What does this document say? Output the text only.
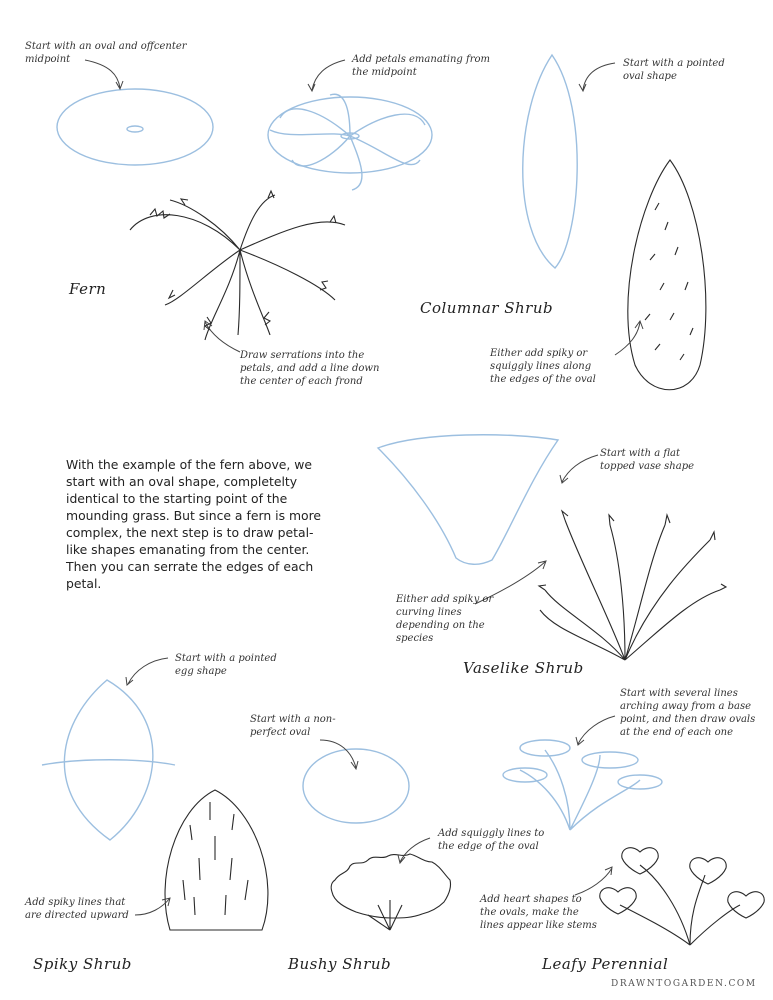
Start with an oval and offcenter midpoint	Add petals emanating from the midpoint
Start with a pointed oval shape
Draw serrations into the petals, and add a line down the center of each frond
Either add spiky or squiggly lines along the edges of the oval
Start with a flat topped vase shape
Either add spiky or curving lines depending on the species
Start with a pointed egg shape
Start with a non-perfect oval
Start with several lines arching away from a base point, and then draw ovals at the end of each one
Add squiggly lines to the edge of the oval
Add spiky lines that are directed upward
Add heart shapes to the ovals, make the lines appear like stems
Fern
Columnar Shrub
Vaselike Shrub
Spiky Shrub	Bushy Shrub	Leafy Perennial
With the example of the fern above, we start with an oval shape, completelty identical to the starting point of the mounding grass. But since a fern is more complex, the next step is to draw petal-like shapes emanating from the center. Then you can serrate the edges of each petal.
DRAWNTOGARDEN.COM
